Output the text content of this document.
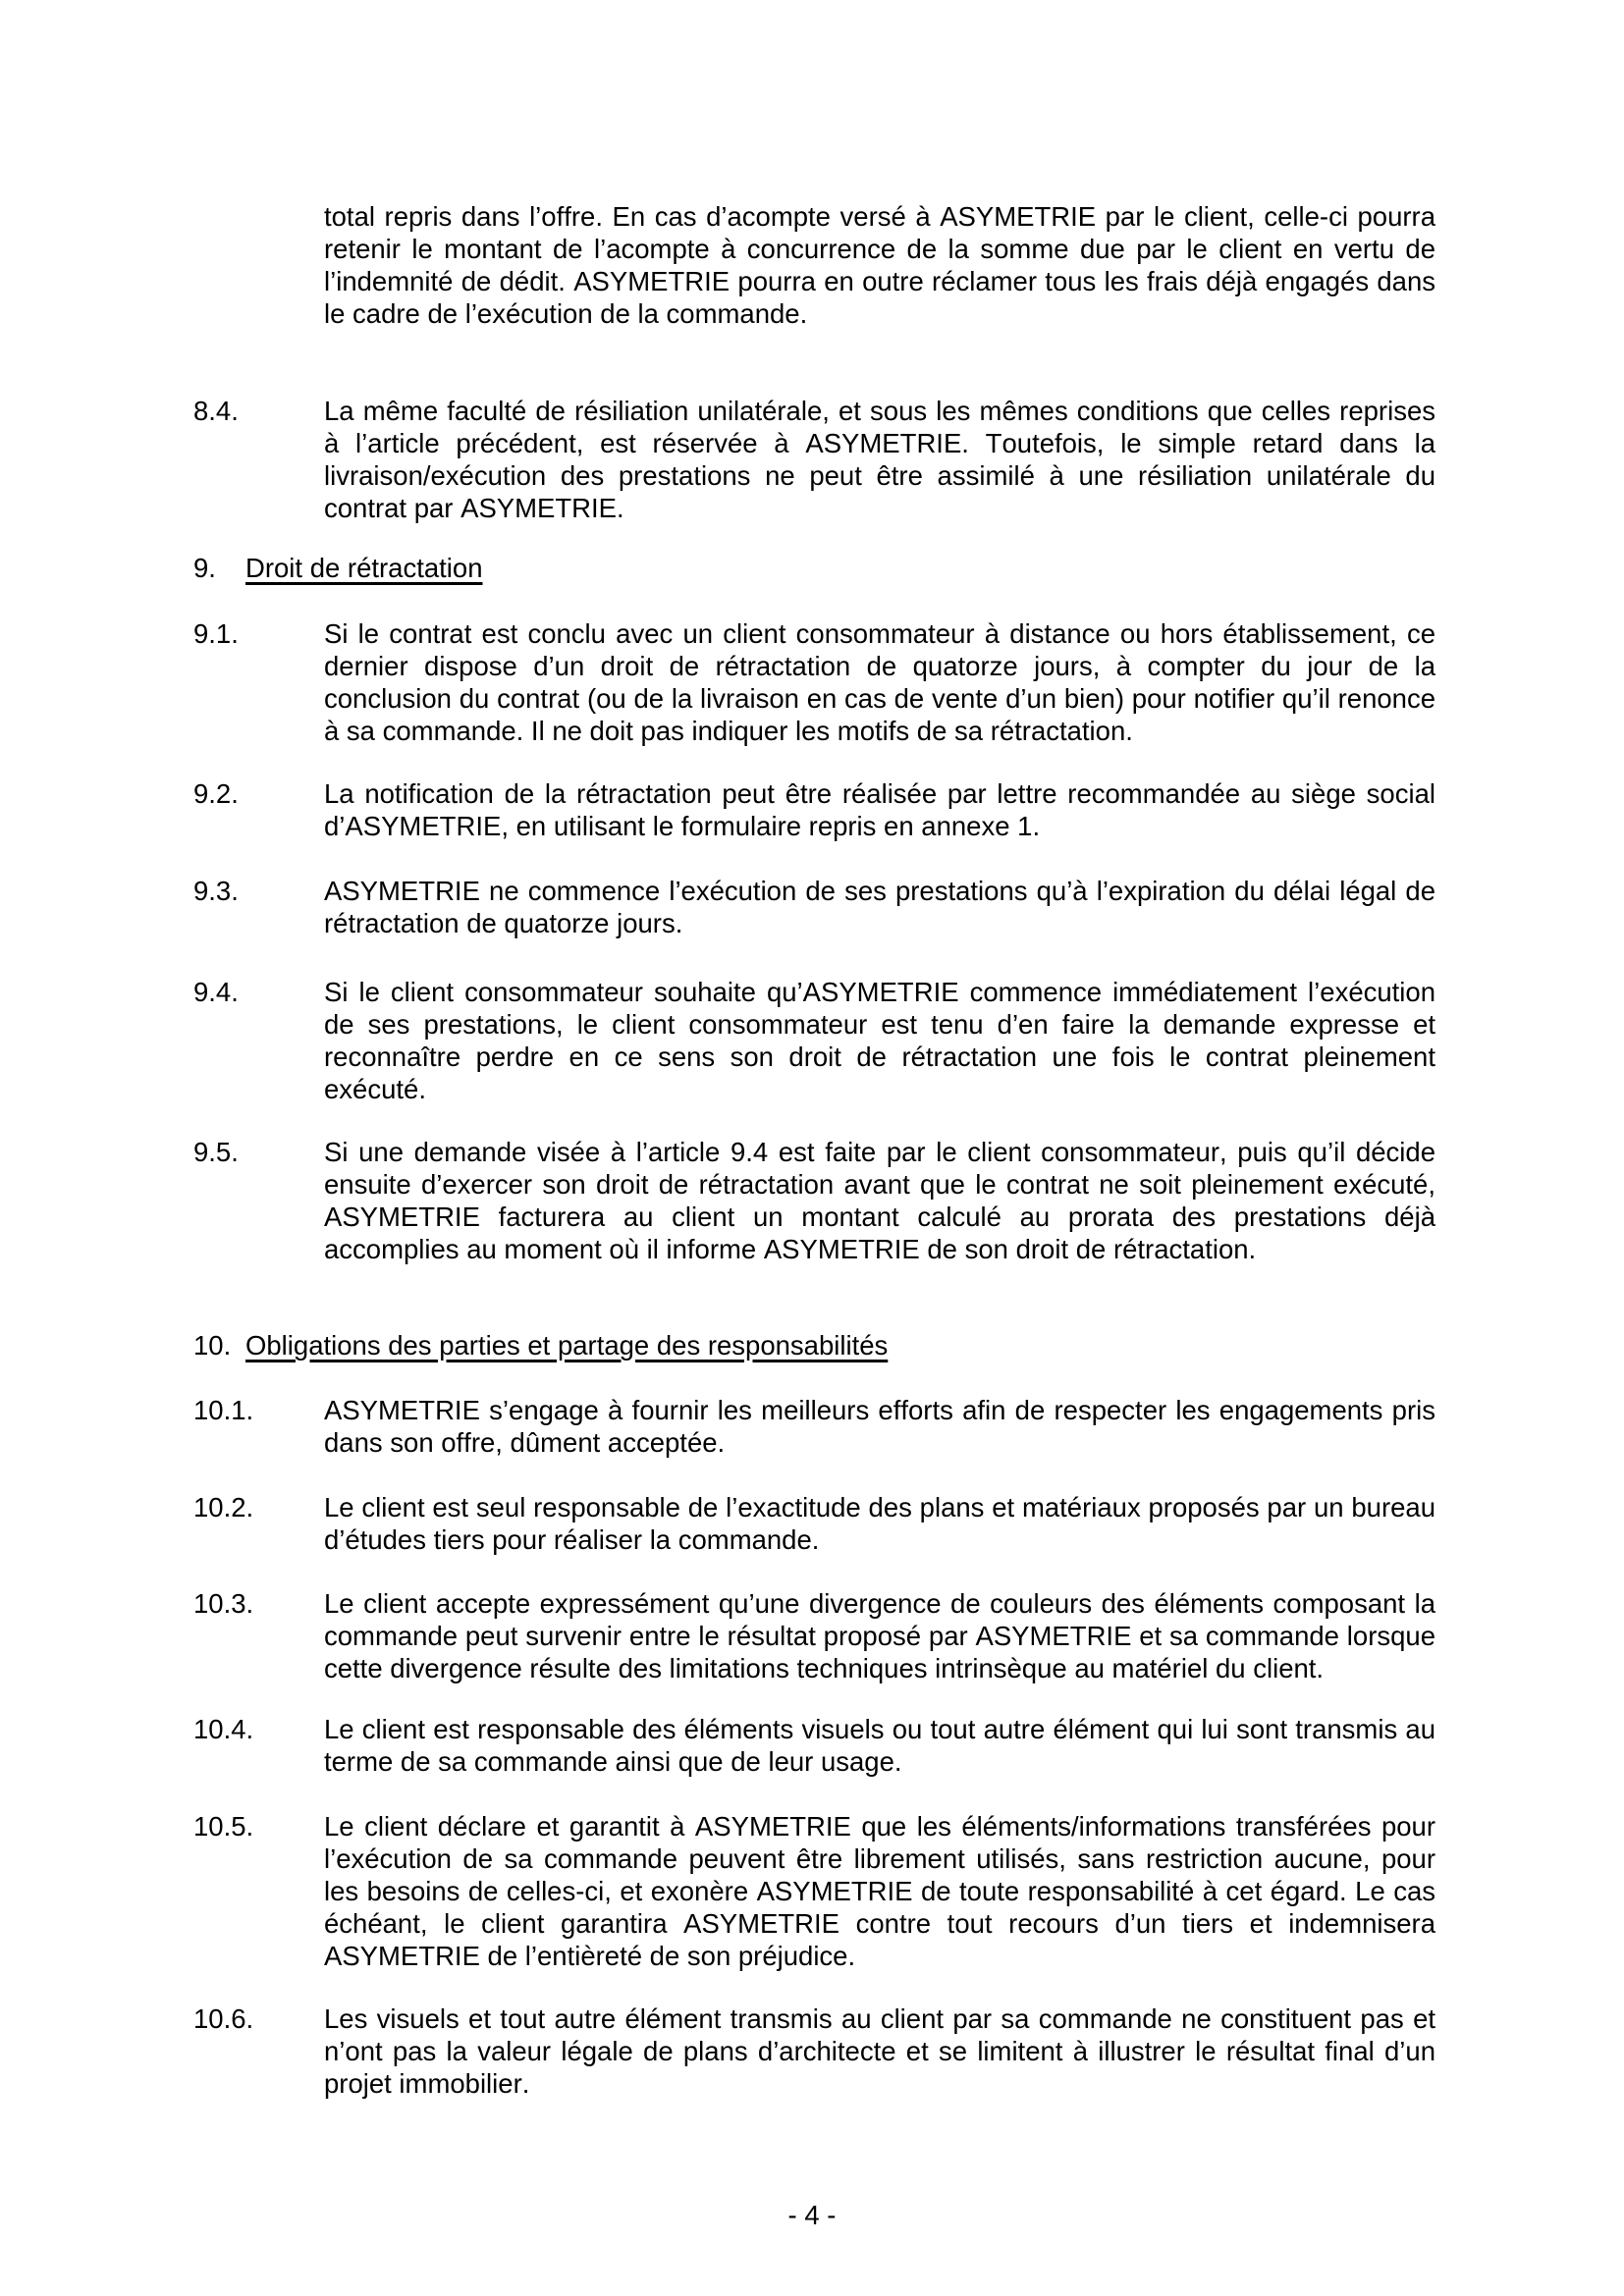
total repris dans l’offre. En cas d’acompte versé à ASYMETRIE par le client, celle-ci pourra retenir le montant de l’acompte à concurrence de la somme due par le client en vertu de l’indemnité de dédit. ASYMETRIE pourra en outre réclamer tous les frais déjà engagés dans le cadre de l’exécution de la commande.
8.4.	La même faculté de résiliation unilatérale, et sous les mêmes conditions que celles reprises à l’article précédent, est réservée à ASYMETRIE. Toutefois, le simple retard dans la livraison/exécution des prestations ne peut être assimilé à une résiliation unilatérale du contrat par ASYMETRIE.
9.	Droit de rétractation
9.1.	Si le contrat est conclu avec un client consommateur à distance ou hors établissement, ce dernier dispose d’un droit de rétractation de quatorze jours, à compter du jour de la conclusion du contrat (ou de la livraison en cas de vente d’un bien) pour notifier qu’il renonce à sa commande. Il ne doit pas indiquer les motifs de sa rétractation.
9.2.	La notification de la rétractation peut être réalisée par lettre recommandée au siège social d’ASYMETRIE, en utilisant le formulaire repris en annexe 1.
9.3.	ASYMETRIE ne commence l’exécution de ses prestations qu’à l’expiration du délai légal de rétractation de quatorze jours.
9.4.	Si le client consommateur souhaite qu’ASYMETRIE commence immédiatement l’exécution de ses prestations, le client consommateur est tenu d’en faire la demande expresse et reconnaître perdre en ce sens son droit de rétractation une fois le contrat pleinement exécuté.
9.5.	Si une demande visée à l’article 9.4 est faite par le client consommateur, puis qu’il décide ensuite d’exercer son droit de rétractation avant que le contrat ne soit pleinement exécuté, ASYMETRIE facturera au client un montant calculé au prorata des prestations déjà accomplies au moment où il informe ASYMETRIE de son droit de rétractation.
10. Obligations des parties et partage des responsabilités
10.1.	ASYMETRIE s’engage à fournir les meilleurs efforts afin de respecter les engagements pris dans son offre, dûment acceptée.
10.2.	Le client est seul responsable de l’exactitude des plans et matériaux proposés par un bureau d’études tiers pour réaliser la commande.
10.3.	Le client accepte expressément qu’une divergence de couleurs des éléments composant la commande peut survenir entre le résultat proposé par ASYMETRIE et sa commande lorsque cette divergence résulte des limitations techniques intrinsèque au matériel du client.
10.4.	Le client est responsable des éléments visuels ou tout autre élément qui lui sont transmis au terme de sa commande ainsi que de leur usage.
10.5.	Le client déclare et garantit à ASYMETRIE que les éléments/informations transférées pour l’exécution de sa commande peuvent être librement utilisés, sans restriction aucune, pour les besoins de celles-ci, et exonère ASYMETRIE de toute responsabilité à cet égard. Le cas échéant, le client garantira ASYMETRIE contre tout recours d’un tiers et indemnisera ASYMETRIE de l’entièreté de son préjudice.
10.6.	Les visuels et tout autre élément transmis au client par sa commande ne constituent pas et n’ont pas la valeur légale de plans d’architecte et se limitent à illustrer le résultat final d’un projet immobilier.
- 4 -
